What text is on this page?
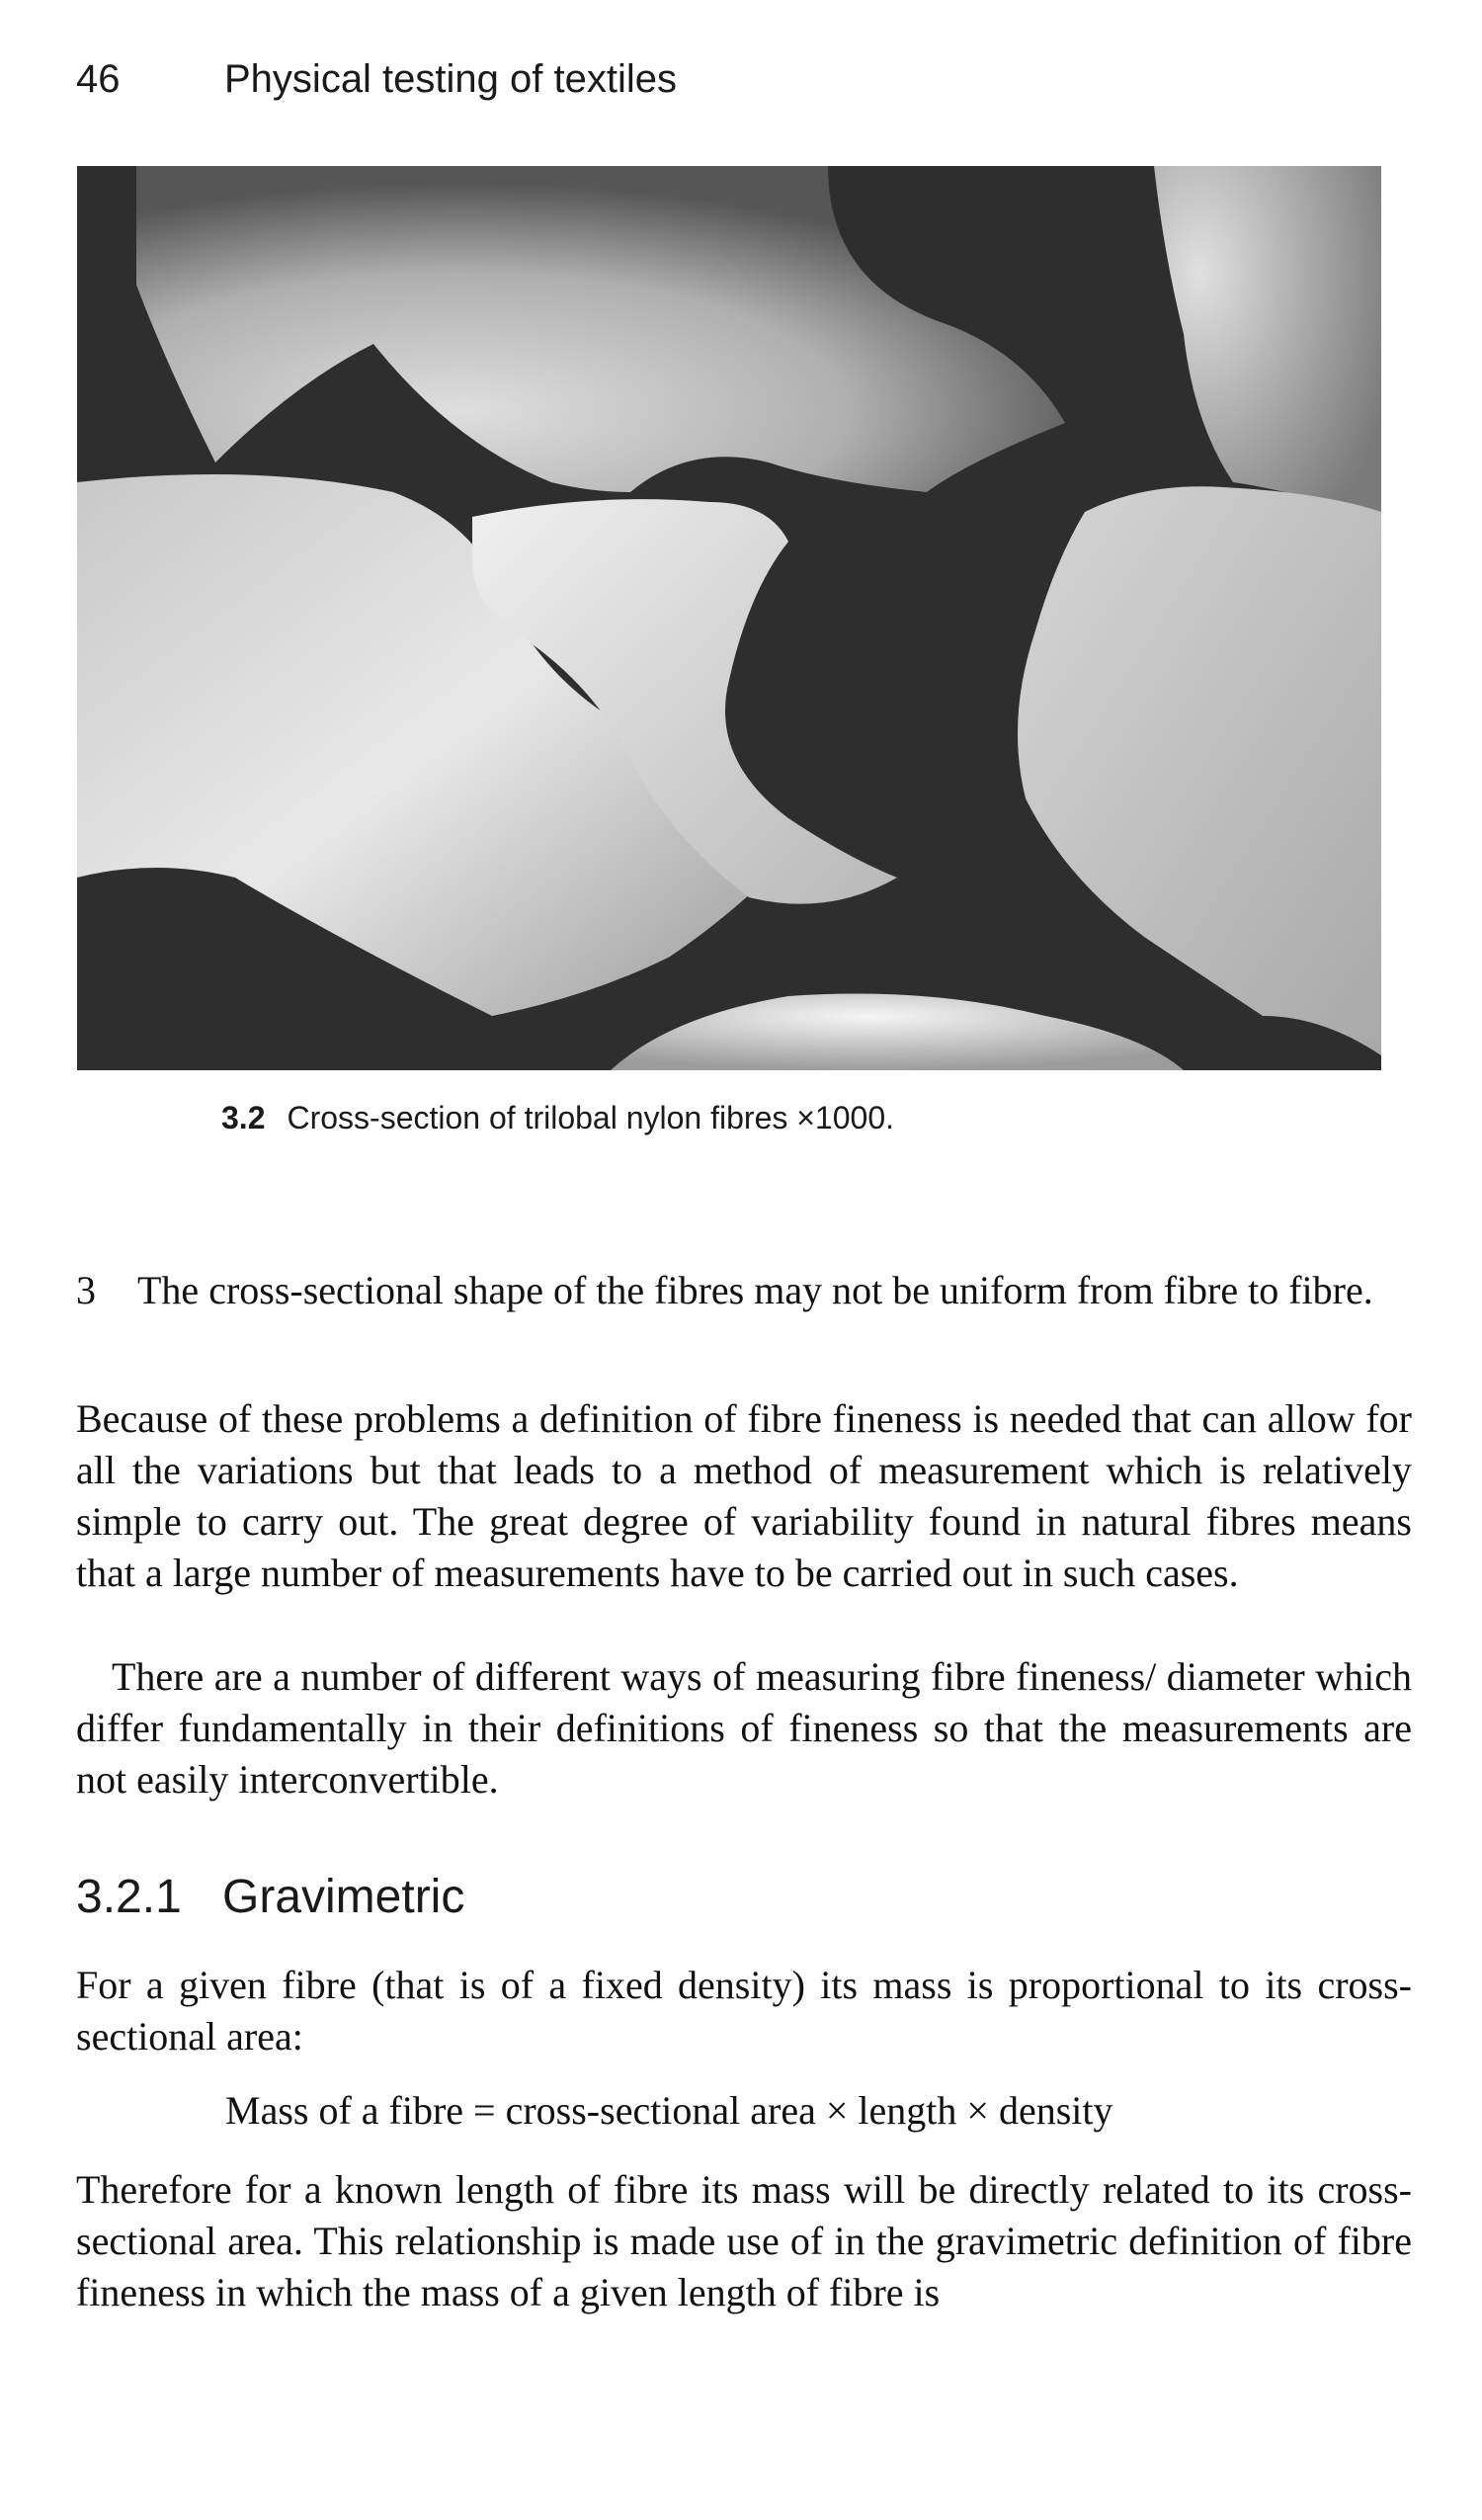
46	Physical testing of textiles
3.2 Cross-section of trilobal nylon fibres ×1000.

3 The cross-sectional shape of the fibres may not be uniform from fibre to fibre.

Because of these problems a definition of fibre fineness is needed that can allow for all the variations but that leads to a method of measurement which is relatively simple to carry out. The great degree of variability found in natural fibres means that a large number of measurements have to be carried out in such cases.

There are a number of different ways of measuring fibre fineness/ diameter which differ fundamentally in their definitions of fineness so that the measurements are not easily interconvertible.

3.2.1 Gravimetric

For a given fibre (that is of a fixed density) its mass is proportional to its cross-sectional area:

Mass of a fibre = cross-sectional area × length × density

Therefore for a known length of fibre its mass will be directly related to its cross-sectional area. This relationship is made use of in the gravimetric definition of fibre fineness in which the mass of a given length of fibre is
